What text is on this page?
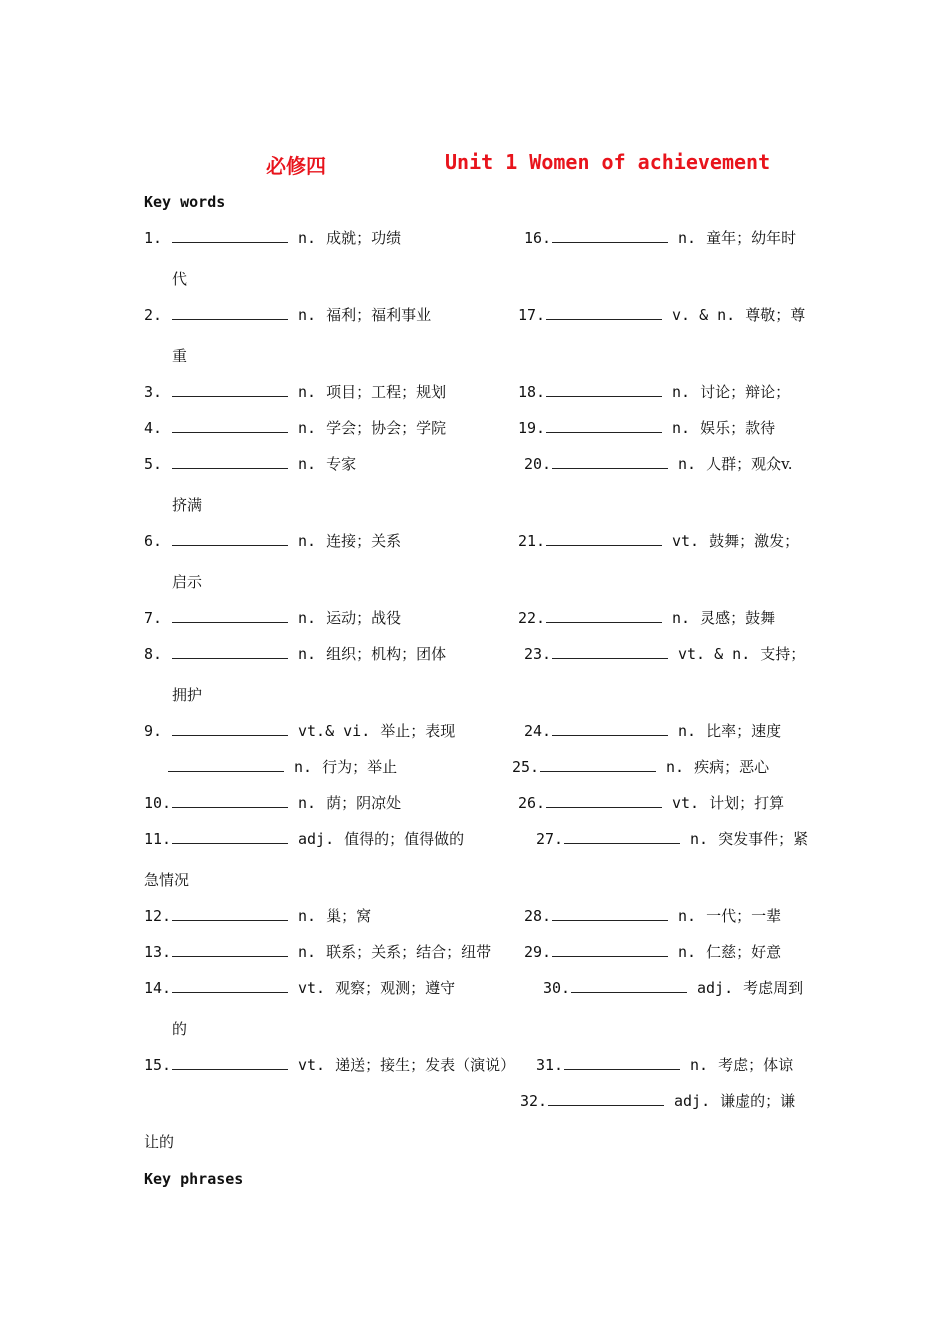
必修四	Unit 1 Women of achievement
Key words
1.	n. 成就；功绩	16.	n. 童年；幼年时
代
2.	n. 福利；福利事业	17.	v. & n. 尊敬；尊
重
3.	n. 项目；工程；规划	18.	n. 讨论；辩论；
4.	n. 学会；协会；学院	19.	n. 娱乐；款待
5.	n. 专家	20.	n. 人群；观众v.
挤满
6.	n. 连接；关系	21.	vt. 鼓舞；激发；
启示
7.	n. 运动；战役	22.	n. 灵感；鼓舞
8.	n. 组织；机构；团体	23.	vt. & n. 支持；
拥护
9.	vt.& vi. 举止；表现	24.	n. 比率；速度
n. 行为；举止	25.	n. 疾病；恶心
10.	n. 荫；阴凉处	26.	vt. 计划；打算
11.	adj. 值得的；值得做的	27.	n. 突发事件；紧
急情况
12.	n. 巢；窝	28.	n. 一代；一辈
13.	n. 联系；关系；结合；纽带 29.	n. 仁慈；好意
14.	vt. 观察；观测；遵守	30.	adj. 考虑周到
的
15.	vt. 递送；接生；发表（演说） 31.	n. 考虑；体谅
32.	adj. 谦虚的；谦
让的
Key phrases
